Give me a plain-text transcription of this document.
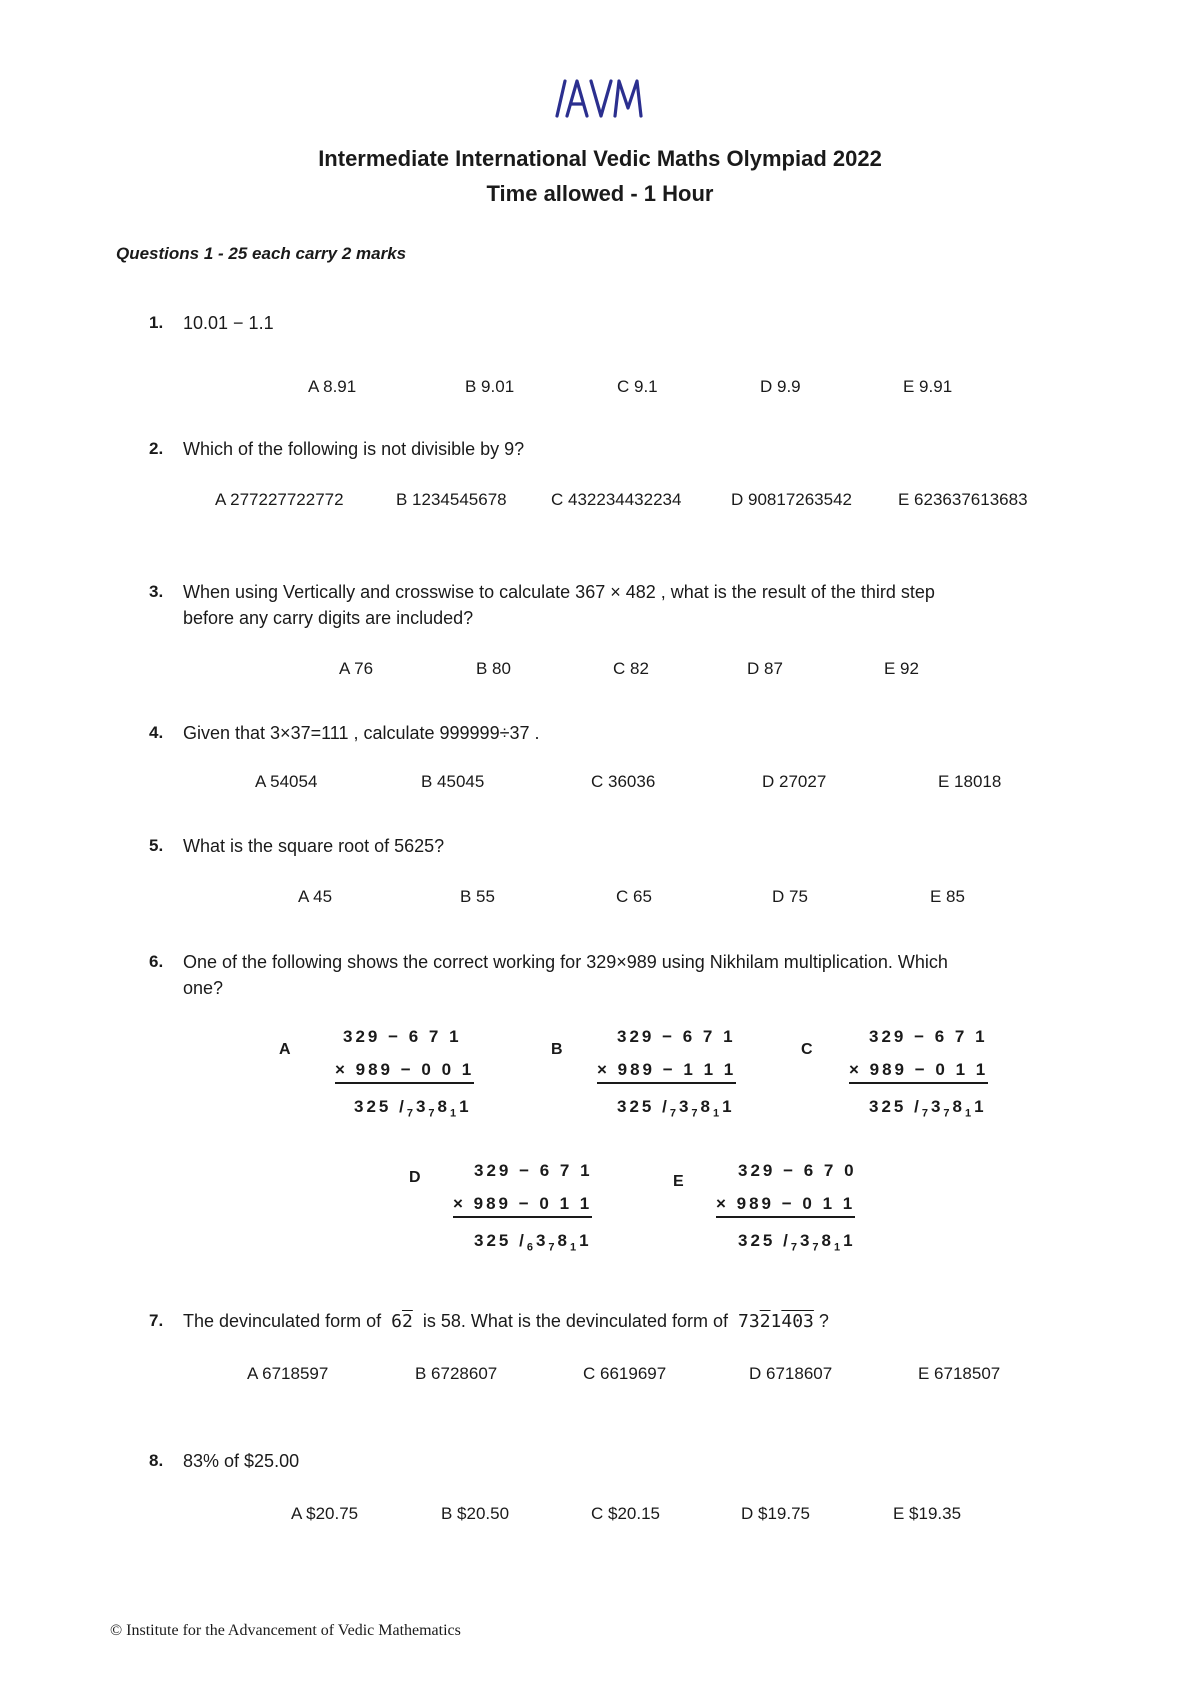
Intermediate International Vedic Maths Olympiad 2022
Time allowed - 1 Hour
Questions 1 - 25 each carry 2 marks
1. 10.01 − 1.1
A 8.91	B 9.01	C 9.1	D 9.9	E 9.91
2. Which of the following is not divisible by 9?
A 277227722772	B 1234545678	C 432234432234	D 90817263542	E 623637613683
3. When using Vertically and crosswise to calculate 367 × 482 , what is the result of the third step
before any carry digits are included?
A 76	B 80	C 82	D 87	E 92
4. Given that 3×37=111 , calculate 999999÷37 .
A 54054	B 45045	C 36036	D 27027	E 18018
5. What is the square root of 5625?
A 45	B 55	C 65	D 75	E 85
6. One of the following shows the correct working for 329×989 using Nikhilam multiplication. Which
one?
A
329 − 6 7 1
× 989 − 0 0 1
325 $/_73_78_11$
B
329 − 6 7 1
× 989 − 1 1 1
325 $/_73_78_11$
C
329 − 6 7 1
× 989 − 0 1 1
325 $/_73_78_11$
D	329 − 6 7 1
× 989 − 0 1 1
325 $/_63_78_11$
E
329 − 6 7 0
× 989 − 0 1 1
325 $/_73_78_11$
7. The devinculated form of 62 is 58. What is the devinculated form of 7321403 ?
A 6718597	B 6728607	C 6619697	D 6718607	E 6718507
8. 83% of $25.00
A $20.75	B $20.50	C $20.15	D $19.75	E $19.35
© Institute for the Advancement of Vedic Mathematics
